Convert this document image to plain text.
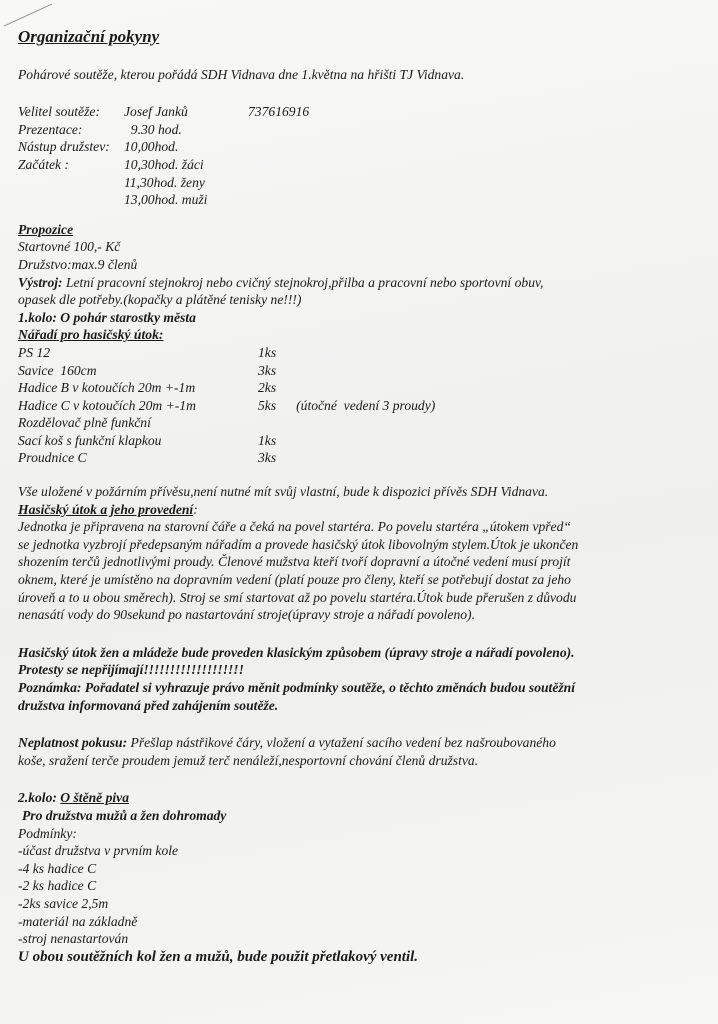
Organizační pokyny

Pohárové soutěže, kterou pořádá SDH Vidnava dne 1.května na hřišti TJ Vidnava.

Velitel soutěže:	Josef Janků	737616916
Prezentace:	9.30 hod.
Nástup družstev:	10,00hod.
Začátek :	10,30hod. žáci
11,30hod. ženy
13,00hod. muži

Propozice

Startovné 100,- Kč

Družstvo:max.9 členů

Výstroj: Letní pracovní stejnokroj nebo cvičný stejnokroj,přilba a pracovní nebo sportovní obuv,

opasek dle potřeby.(kopačky a plátěné tenisky ne!!!)

1.kolo: O pohár starostky města

Nářadí pro hasičský útok:

PS 12	1ks
Savice  160cm	3ks
Hadice B v kotoučích 20m +-1m	2ks
Hadice C v kotoučích 20m +-1m	5ks (útočné  vedení 3 proudy)
Rozdělovač plně funkční
Sací koš s funkční klapkou	1ks
Proudnice C	3ks

Vše uložené v požárním přívěsu,není nutné mít svůj vlastní, bude k dispozici přívěs SDH Vidnava.

Hasičský útok a jeho provedení:

Jednotka je připravena na starovní čáře a čeká na povel startéra. Po povelu startéra „útokem vpřed“

se jednotka vyzbrojí předepsaným nářadím a provede hasičský útok libovolným stylem.Útok je ukončen

shozením terčů jednotlivými proudy. Členové mužstva kteří tvoří dopravní a útočné vedení musí projít

oknem, které je umístěno na dopravním vedení (platí pouze pro členy, kteří se potřebují dostat za jeho

úroveň a to u obou směrech). Stroj se smí startovat až po povelu startéra.Útok bude přerušen z důvodu

nenasátí vody do 90sekund po nastartování stroje(úpravy stroje a nářadí povoleno).

Hasičský útok žen a mládeže bude proveden klasickým způsobem (úpravy stroje a nářadí povoleno).

Protesty se nepřijímají!!!!!!!!!!!!!!!!!!!

Poznámka: Pořadatel si vyhrazuje právo měnit podmínky soutěže, o těchto změnách budou soutěžní

družstva informovaná před zahájením soutěže.

Neplatnost pokusu: Přešlap nástřikové čáry, vložení a vytažení sacího vedení bez našroubovaného

koše, sražení terče proudem jemuž terč nenáleží,nesportovní chování členů družstva.

2.kolo: O štěně piva

Pro družstva mužů a žen dohromady

Podmínky:

-účast družstva v prvním kole

-4 ks hadice C

-2 ks hadice C

-2ks savice 2,5m

-materiál na základně

-stroj nenastartován

U obou soutěžních kol žen a mužů, bude použit přetlakový ventil.
